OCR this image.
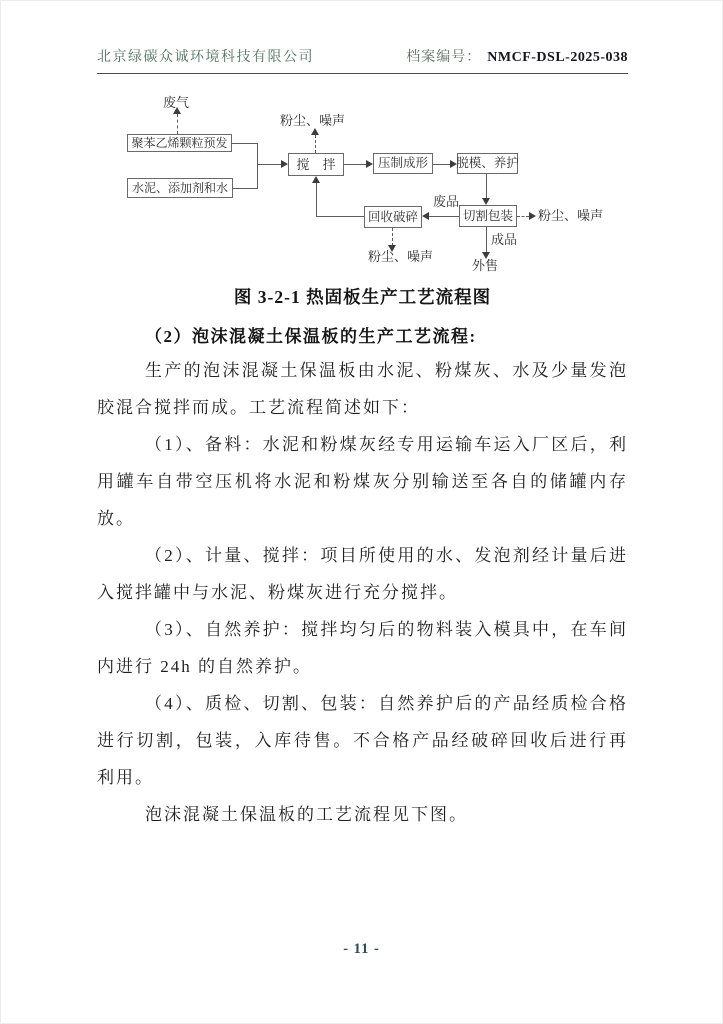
北京绿碳众诚环境科技有限公司	档案编号： NMCF-DSL-2025-038
废气
粉尘、噪声
粉尘、噪声
粉尘、噪声
废品
成品
外售
聚苯乙烯颗粒预发
水泥、添加剂和水
搅　拌	压制成形	脱模、养护
切割包装
回收破碎
图 3-2-1 热固板生产工艺流程图
（2）泡沫混凝土保温板的生产工艺流程:

生产的泡沫混凝土保温板由水泥、粉煤灰、水及少量发泡胶混合搅拌而成。工艺流程简述如下：

（1）、备料：水泥和粉煤灰经专用运输车运入厂区后，利用罐车自带空压机将水泥和粉煤灰分别输送至各自的储罐内存放。

（2）、计量、搅拌：项目所使用的水、发泡剂经计量后进入搅拌罐中与水泥、粉煤灰进行充分搅拌。

（3）、自然养护：搅拌均匀后的物料装入模具中，在车间内进行 24h 的自然养护。

（4）、质检、切割、包装：自然养护后的产品经质检合格进行切割，包装，入库待售。不合格产品经破碎回收后进行再利用。

泡沫混凝土保温板的工艺流程见下图。

- 11 -
